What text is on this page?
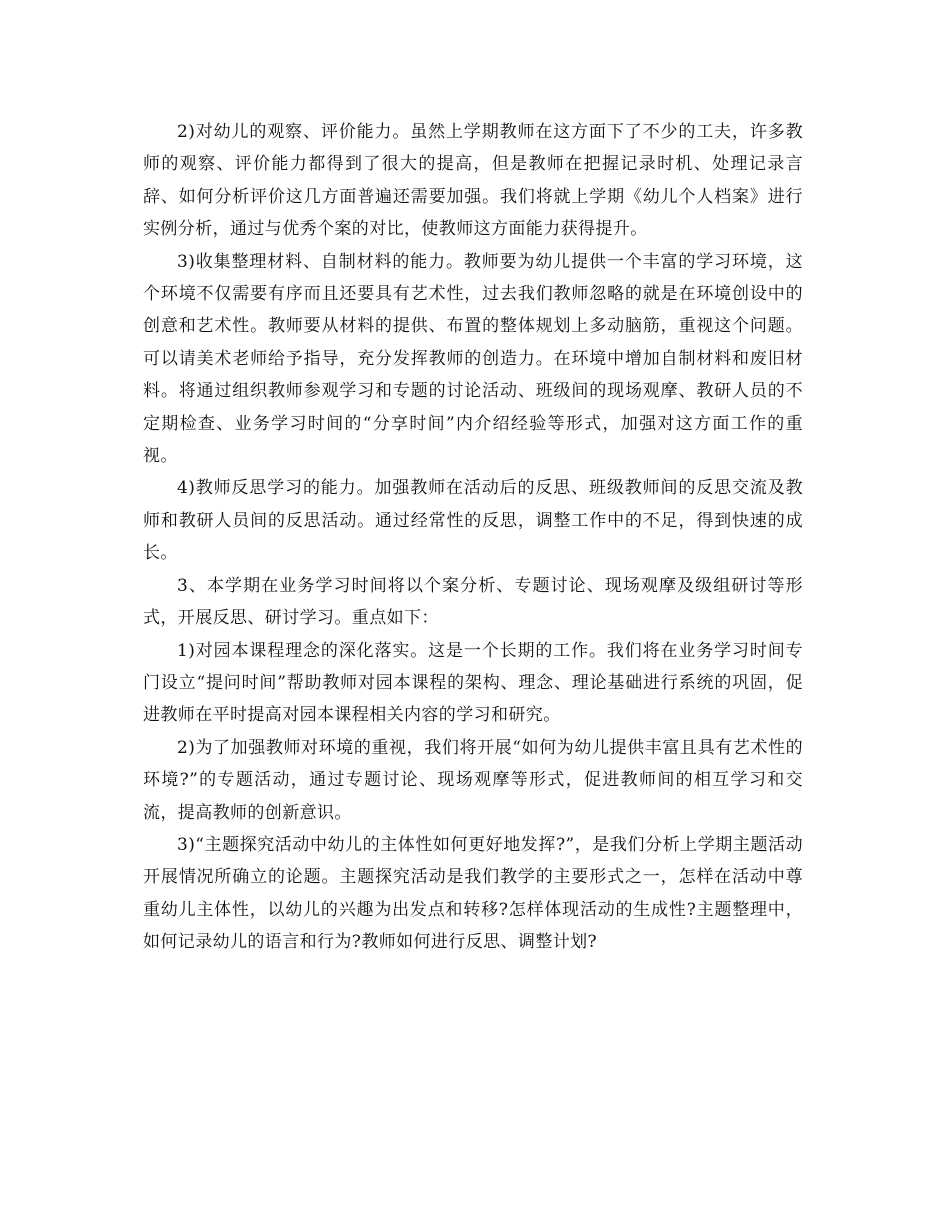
2)对幼儿的观察、评价能力。虽然上学期教师在这方面下了不少的工夫，许多教师的观察、评价能力都得到了很大的提高，但是教师在把握记录时机、处理记录言辞、如何分析评价这几方面普遍还需要加强。我们将就上学期《幼儿个人档案》进行实例分析，通过与优秀个案的对比，使教师这方面能力获得提升。

3)收集整理材料、自制材料的能力。教师要为幼儿提供一个丰富的学习环境，这个环境不仅需要有序而且还要具有艺术性，过去我们教师忽略的就是在环境创设中的创意和艺术性。教师要从材料的提供、布置的整体规划上多动脑筋，重视这个问题。可以请美术老师给予指导，充分发挥教师的创造力。在环境中增加自制材料和废旧材料。将通过组织教师参观学习和专题的讨论活动、班级间的现场观摩、教研人员的不定期检查、业务学习时间的“分享时间”内介绍经验等形式，加强对这方面工作的重视。

4)教师反思学习的能力。加强教师在活动后的反思、班级教师间的反思交流及教师和教研人员间的反思活动。通过经常性的反思，调整工作中的不足，得到快速的成长。

3、本学期在业务学习时间将以个案分析、专题讨论、现场观摩及级组研讨等形式，开展反思、研讨学习。重点如下：

1)对园本课程理念的深化落实。这是一个长期的工作。我们将在业务学习时间专门设立“提问时间”帮助教师对园本课程的架构、理念、理论基础进行系统的巩固，促进教师在平时提高对园本课程相关内容的学习和研究。

2)为了加强教师对环境的重视，我们将开展“如何为幼儿提供丰富且具有艺术性的环境?”的专题活动，通过专题讨论、现场观摩等形式，促进教师间的相互学习和交流，提高教师的创新意识。

3)“主题探究活动中幼儿的主体性如何更好地发挥?”，是我们分析上学期主题活动开展情况所确立的论题。主题探究活动是我们教学的主要形式之一，怎样在活动中尊重幼儿主体性，以幼儿的兴趣为出发点和转移?怎样体现活动的生成性?主题整理中，如何记录幼儿的语言和行为?教师如何进行反思、调整计划?
